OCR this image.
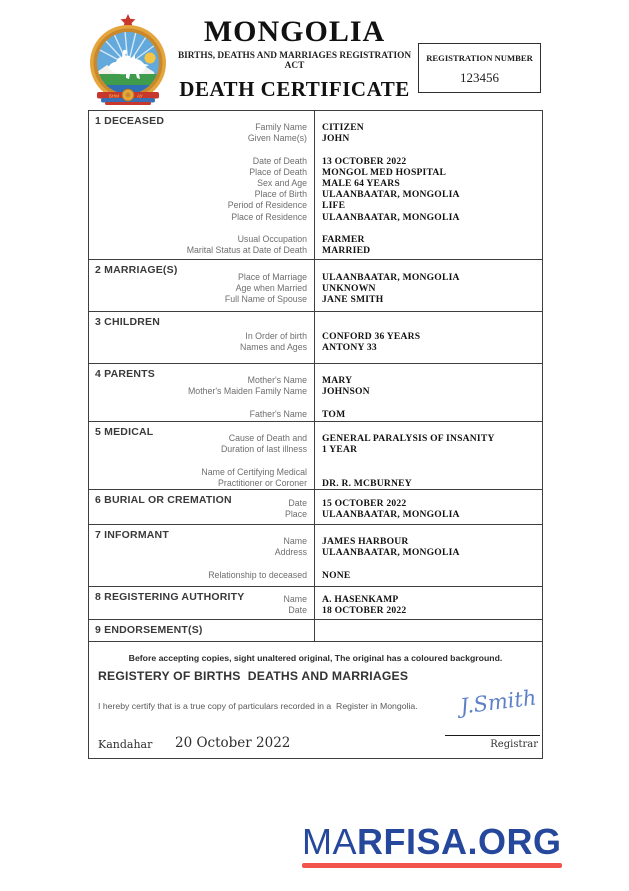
БНМ	АУ
MONGOLIA
BIRTHS, DEATHS AND MARRIAGES REGISTRATION ACT
DEATH CERTIFICATE
REGISTRATION NUMBER
123456
1 DECEASED	Family Name	CITIZEN
Given Name(s)	JOHN
Date of Death	13 OCTOBER 2022
Place of Death	MONGOL MED HOSPITAL
Sex and Age	MALE 64 YEARS
Place of Birth	ULAANBAATAR, MONGOLIA
Period of Residence	LIFE
Place of Residence	ULAANBAATAR, MONGOLIA
Usual Occupation	FARMER
Marital Status at Date of Death	MARRIED
2 MARRIAGE(S)
Place of Marriage	ULAANBAATAR, MONGOLIA
Age when Married	UNKNOWN
Full Name of Spouse	JANE SMITH
3 CHILDREN
In Order of birth	CONFORD 36 YEARS
Names and Ages	ANTONY 33
4 PARENTS	Mother's Name	MARY
Mother's Maiden Family Name	JOHNSON
Father's Name	TOM
5 MEDICAL	Cause of Death and	GENERAL PARALYSIS OF INSANITY
Duration of last illness	1 YEAR
Name of Certifying Medical
Practitioner or Coroner	DR. R. MCBURNEY
6 BURIAL OR CREMATION	Date	15 OCTOBER 2022
Place	ULAANBAATAR, MONGOLIA
7 INFORMANT	Name	JAMES HARBOUR
Address	ULAANBAATAR, MONGOLIA
Relationship to deceased	NONE
8 REGISTERING AUTHORITY	Name	A. HASENKAMP
Date	18 OCTOBER 2022
9 ENDORSEMENT(S)
Before accepting copies, sight unaltered original, The original has a coloured background.
REGISTERY OF BIRTHS  DEATHS AND MARRIAGES
I hereby certify that is a true copy of particulars recorded in a  Register in Mongolia. J.Smith
Registrar
Kandahar 20 October 2022
MARFISA.ORG
